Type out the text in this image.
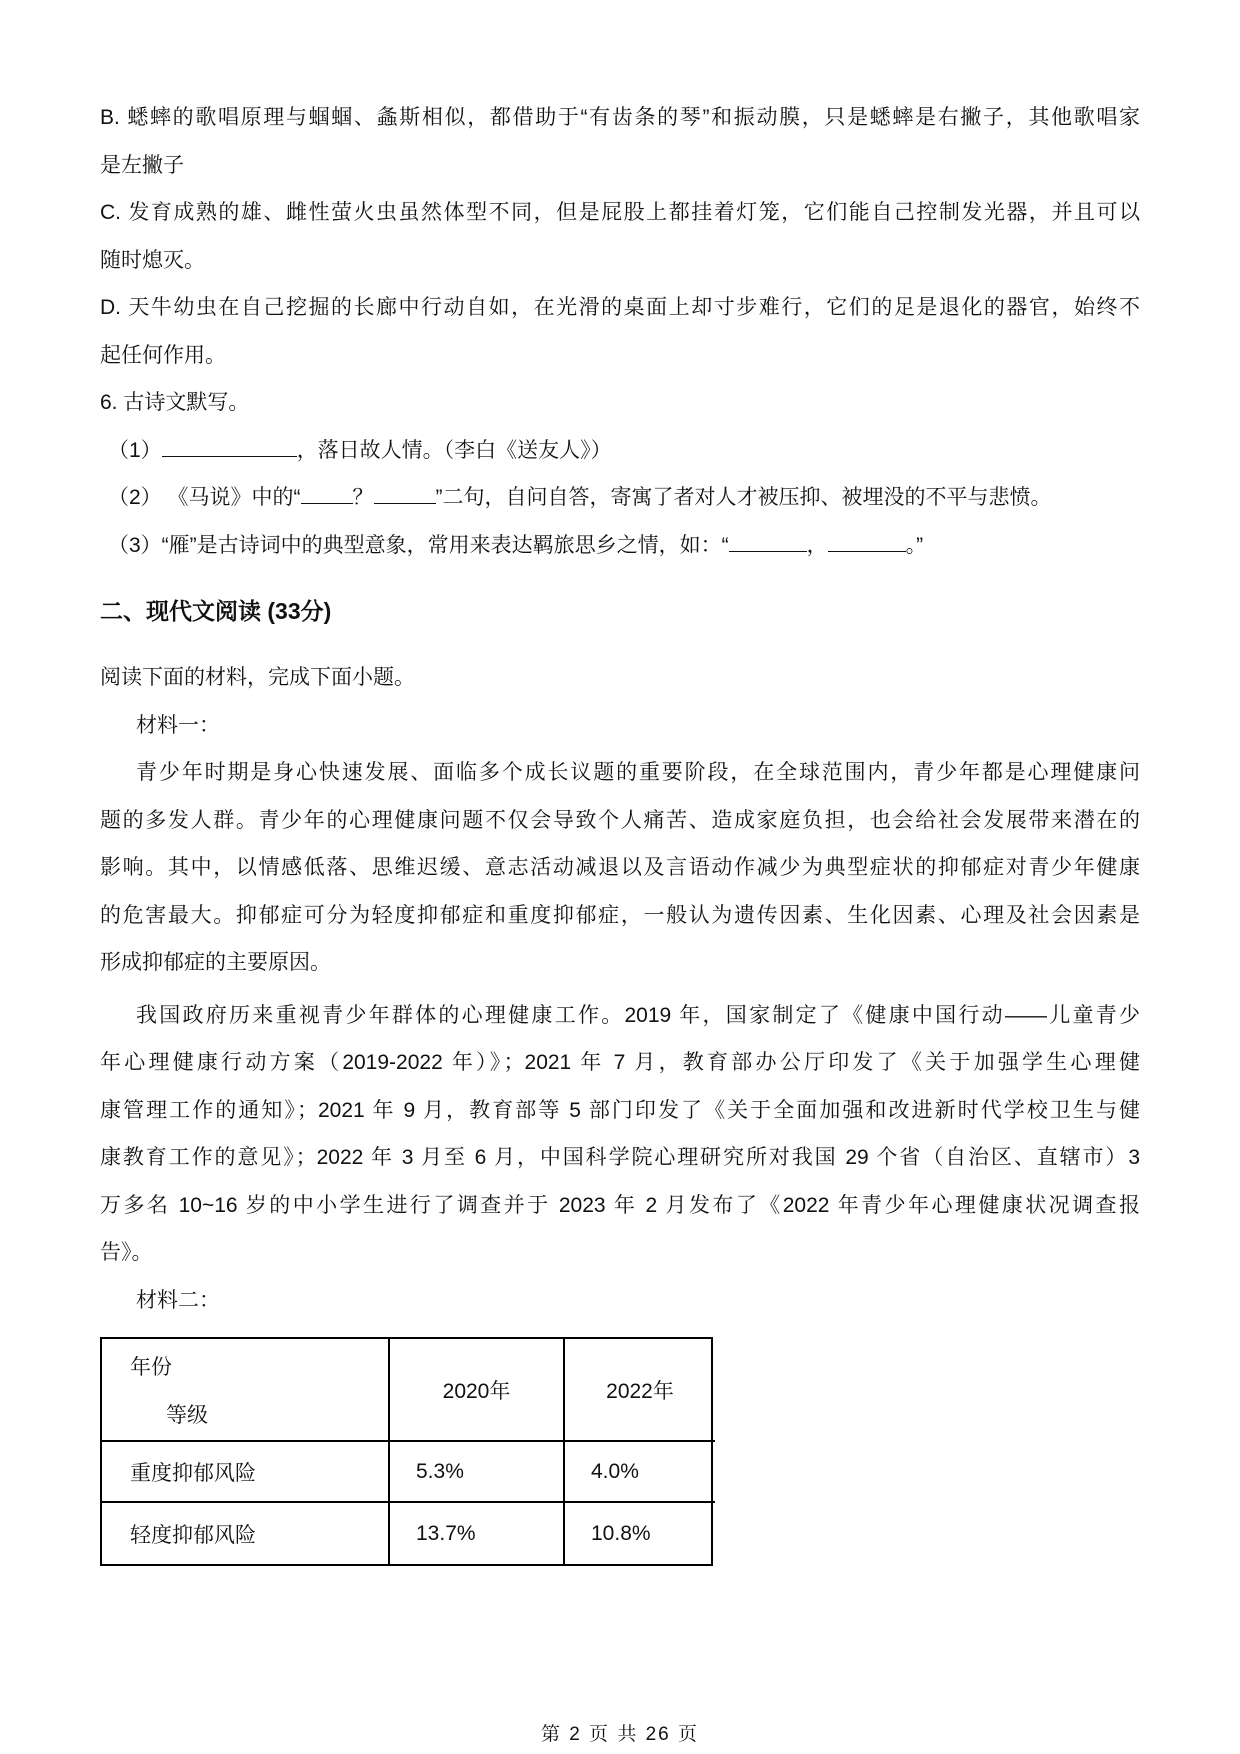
B. 蟋蟀的歌唱原理与蝈蝈、螽斯相似，都借助于“有齿条的琴”和振动膜，只是蟋蟀是右撇子，其他歌唱家
是左撇子
C. 发育成熟的雄、雌性萤火虫虽然体型不同，但是屁股上都挂着灯笼，它们能自己控制发光器，并且可以
随时熄灭。
D. 天牛幼虫在自己挖掘的长廊中行动自如，在光滑的桌面上却寸步难行，它们的足是退化的器官，始终不
起任何作用。
6. 古诗文默写。
（1）	，落日故人情。（李白《送友人》）
（2） 《马说》中的“ ？	”二句，自问自答，寄寓了者对人才被压抑、被埋没的不平与悲愤。
（3）“雁”是古诗词中的典型意象，常用来表达羁旅思乡之情，如：“	，	。”
二、现代文阅读 (33分)
阅读下面的材料，完成下面小题。
材料一：
青少年时期是身心快速发展、面临多个成长议题的重要阶段，在全球范围内，青少年都是心理健康问
题的多发人群。青少年的心理健康问题不仅会导致个人痛苦、造成家庭负担，也会给社会发展带来潜在的
影响。其中，以情感低落、思维迟缓、意志活动减退以及言语动作减少为典型症状的抑郁症对青少年健康
的危害最大。抑郁症可分为轻度抑郁症和重度抑郁症，一般认为遗传因素、生化因素、心理及社会因素是
形成抑郁症的主要原因。
我国政府历来重视青少年群体的心理健康工作。2019 年，国家制定了《健康中国行动——儿童青少
年心理健康行动方案（2019-2022 年）》；2021 年 7 月，教育部办公厅印发了《关于加强学生心理健
康管理工作的通知》；2021 年 9 月，教育部等 5 部门印发了《关于全面加强和改进新时代学校卫生与健
康教育工作的意见》；2022 年 3 月至 6 月，中国科学院心理研究所对我国 29 个省（自治区、直辖市）3
万多名 10~16 岁的中小学生进行了调查并于 2023 年 2 月发布了《2022 年青少年心理健康状况调查报
告》。
材料二：
年份
等级
2020年	2022年
重度抑郁风险	5.3%	4.0%
轻度抑郁风险	13.7%	10.8%
第 2 页 共 26 页
